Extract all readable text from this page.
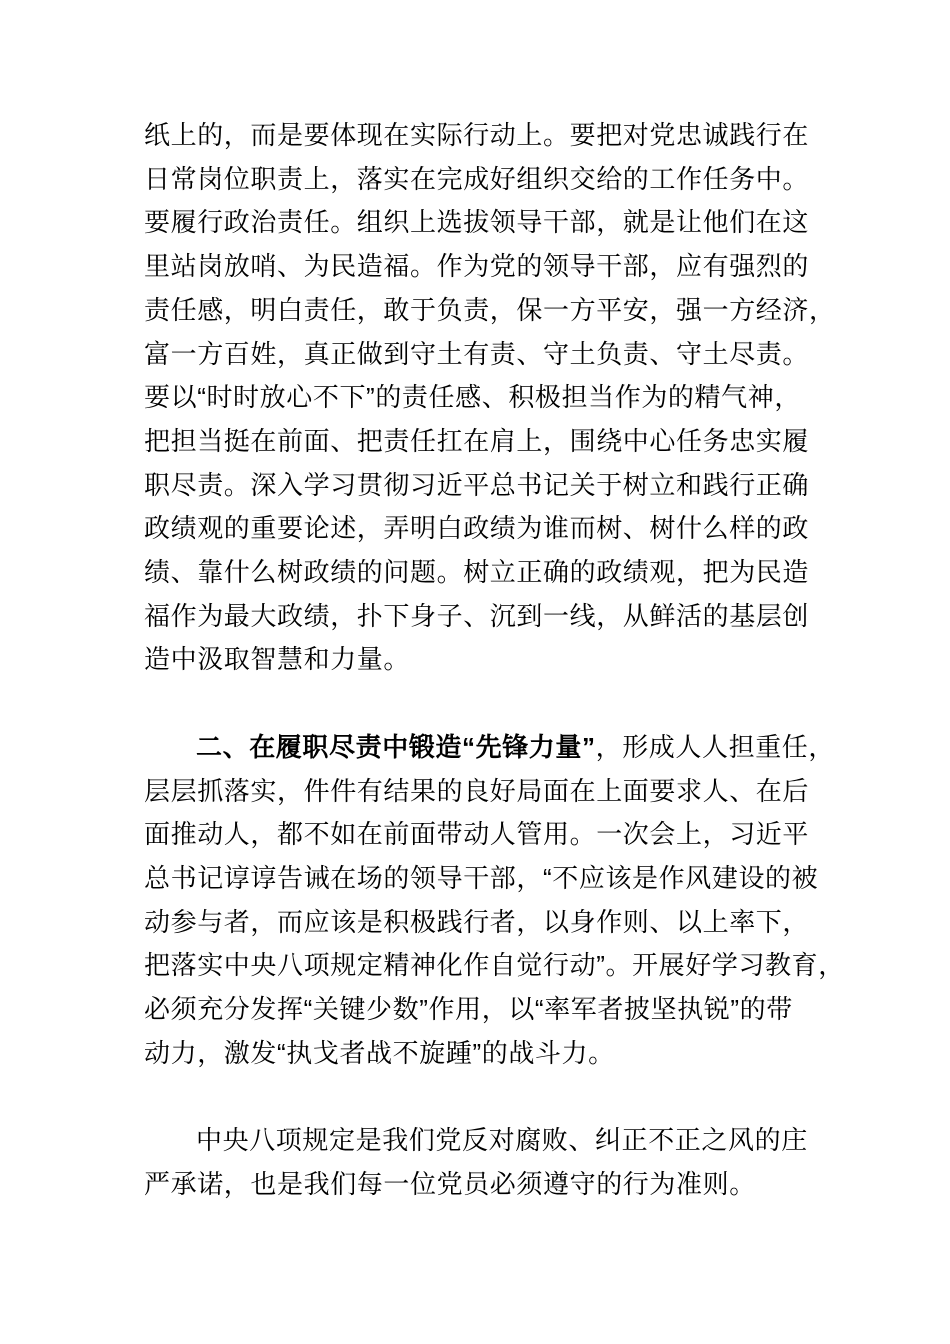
纸上的，而是要体现在实际行动上。要把对党忠诚践行在
日常岗位职责上，落实在完成好组织交给的工作任务中。
要履行政治责任。组织上选拔领导干部，就是让他们在这
里站岗放哨、为民造福。作为党的领导干部，应有强烈的
责任感，明白责任，敢于负责，保一方平安，强一方经济，
富一方百姓，真正做到守土有责、守土负责、守土尽责。
要以“时时放心不下”的责任感、积极担当作为的精气神，
把担当挺在前面、把责任扛在肩上，围绕中心任务忠实履
职尽责。深入学习贯彻习近平总书记关于树立和践行正确
政绩观的重要论述，弄明白政绩为谁而树、树什么样的政
绩、靠什么树政绩的问题。树立正确的政绩观，把为民造
福作为最大政绩，扑下身子、沉到一线，从鲜活的基层创
造中汲取智慧和力量。
二、在履职尽责中锻造“先锋力量”，形成人人担重任，
层层抓落实，件件有结果的良好局面在上面要求人、在后
面推动人，都不如在前面带动人管用。一次会上，习近平
总书记谆谆告诫在场的领导干部，“不应该是作风建设的被
动参与者，而应该是积极践行者，以身作则、以上率下，
把落实中央八项规定精神化作自觉行动”。开展好学习教育，
必须充分发挥“关键少数”作用，以“率军者披坚执锐”的带
动力，激发“执戈者战不旋踵”的战斗力。
中央八项规定是我们党反对腐败、纠正不正之风的庄
严承诺，也是我们每一位党员必须遵守的行为准则。
